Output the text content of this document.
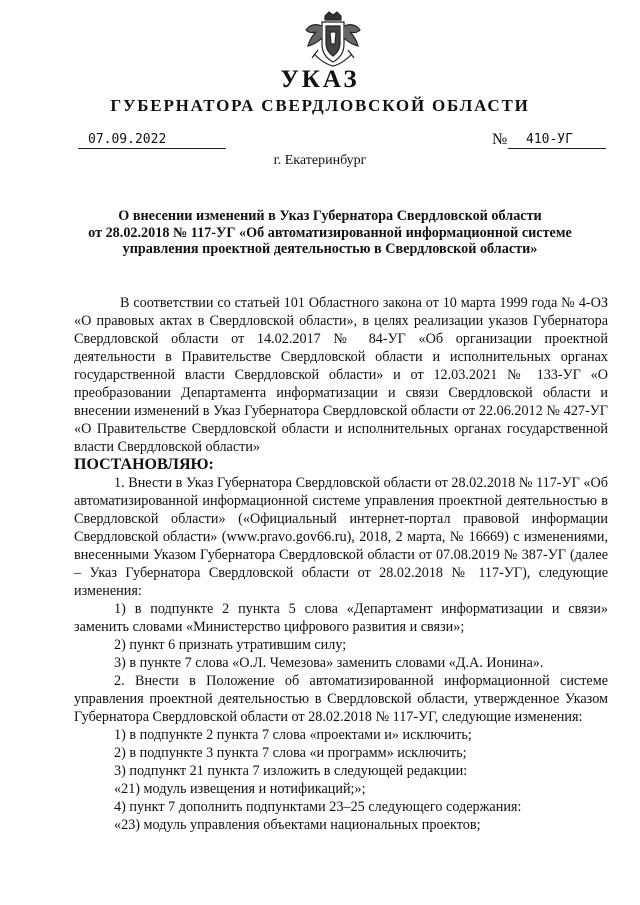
УКАЗ
ГУБЕРНАТОРА СВЕРДЛОВСКОЙ ОБЛАСТИ
07.09.2022	№	410-УГ
г. Екатеринбург
О внесении изменений в Указ Губернатора Свердловской области
от 28.02.2018 № 117-УГ «Об автоматизированной информационной системе
управления проектной деятельностью в Свердловской области»

В соответствии со статьей 101 Областного закона от 10 марта 1999 года № 4-ОЗ «О правовых актах в Свердловской области», в целях реализации указов Губернатора Свердловской области от 14.02.2017 № 84-УГ «Об организации проектной деятельности в Правительстве Свердловской области и исполнительных органах государственной власти Свердловской области» и от 12.03.2021 № 133-УГ «О преобразовании Департамента информатизации и связи Свердловской области и внесении изменений в Указ Губернатора Свердловской области от 22.06.2012 № 427-УГ «О Правительстве Свердловской области и исполнительных органах государственной власти Свердловской области»

ПОСТАНОВЛЯЮ:

1. Внести в Указ Губернатора Свердловской области от 28.02.2018 № 117-УГ «Об автоматизированной информационной системе управления проектной деятельностью в Свердловской области» («Официальный интернет-портал правовой информации Свердловской области» (www.pravo.gov66.ru), 2018, 2 марта, № 16669) с изменениями, внесенными Указом Губернатора Свердловской области от 07.08.2019 № 387-УГ (далее – Указ Губернатора Свердловской области от 28.02.2018 № 117-УГ), следующие изменения:

1) в подпункте 2 пункта 5 слова «Департамент информатизации и связи» заменить словами «Министерство цифрового развития и связи»;

2) пункт 6 признать утратившим силу;

3) в пункте 7 слова «О.Л. Чемезова» заменить словами «Д.А. Ионина».

2. Внести в Положение об автоматизированной информационной системе управления проектной деятельностью в Свердловской области, утвержденное Указом Губернатора Свердловской области от 28.02.2018 № 117-УГ, следующие изменения:

1) в подпункте 2 пункта 7 слова «проектами и» исключить;

2) в подпункте 3 пункта 7 слова «и программ» исключить;

3) подпункт 21 пункта 7 изложить в следующей редакции:

«21) модуль извещения и нотификаций;»;

4) пункт 7 дополнить подпунктами 23–25 следующего содержания:

«23) модуль управления объектами национальных проектов;
